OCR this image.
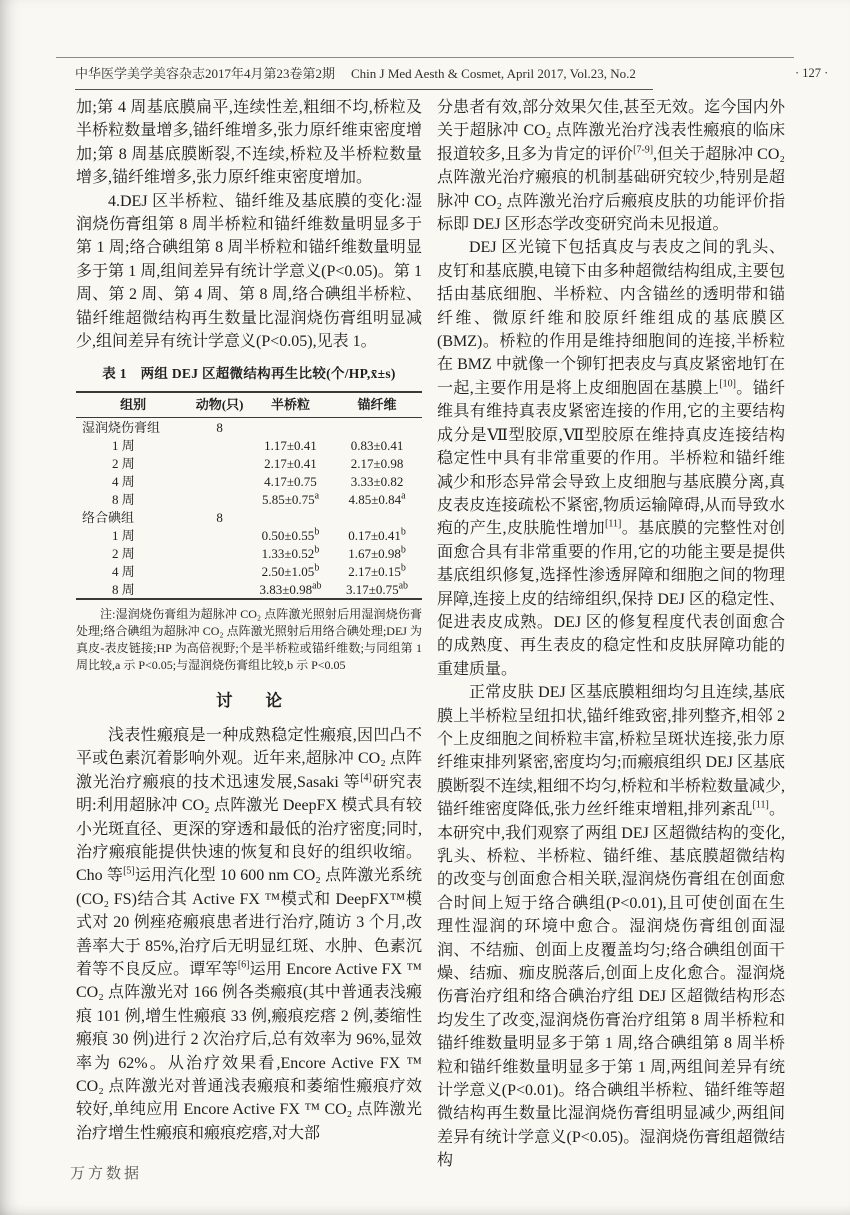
中华医学美学美容杂志2017年4月第23卷第2期 Chin J Med Aesth & Cosmet, April 2017, Vol.23, No.2	· 127 ·

加;第 4 周基底膜扁平,连续性差,粗细不均,桥粒及半桥粒数量增多,锚纤维增多,张力原纤维束密度增加;第 8 周基底膜断裂,不连续,桥粒及半桥粒数量增多,锚纤维增多,张力原纤维束密度增加。

4.DEJ 区半桥粒、锚纤维及基底膜的变化:湿润烧伤膏组第 8 周半桥粒和锚纤维数量明显多于第 1 周;络合碘组第 8 周半桥粒和锚纤维数量明显多于第 1 周,组间差异有统计学意义(P<0.05)。第 1 周、第 2 周、第 4 周、第 8 周,络合碘组半桥粒、锚纤维超微结构再生数量比湿润烧伤膏组明显减少,组间差异有统计学意义(P<0.05),见表 1。

表 1　两组 DEJ 区超微结构再生比较(个/HP,x̄±s)
组别	动物(只)	半桥粒	锚纤维
湿润烧伤膏组	8		
1 周		1.17±0.41	0.83±0.41
2 周		2.17±0.41	2.17±0.98
4 周		4.17±0.75	3.33±0.82
8 周		5.85±0.75$^a$	4.85±0.84$^a$
络合碘组	8		
1 周		0.50±0.55$^b$	0.17±0.41$^b$
2 周		1.33±0.52$^b$	1.67±0.98$^b$
4 周		2.50±1.05$^b$	2.17±0.15$^b$
8 周		3.83±0.98$^{ab}$	3.17±0.75$^{ab}$
注:湿润烧伤膏组为超脉冲 CO₂ 点阵激光照射后用湿润烧伤膏处理;络合碘组为超脉冲 CO₂ 点阵激光照射后用络合碘处理;DEJ 为真皮-表皮链接;HP 为高倍视野;个是半桥粒或锚纤维数;与同组第 1 周比较,a 示 P<0.05;与湿润烧伤膏组比较,b 示 P<0.05
讨　　论

浅表性瘢痕是一种成熟稳定性瘢痕,因凹凸不平或色素沉着影响外观。近年来,超脉冲 CO₂ 点阵激光治疗瘢痕的技术迅速发展,Sasaki 等[4]研究表明:利用超脉冲 CO₂ 点阵激光 DeepFX 模式具有较小光斑直径、更深的穿透和最低的治疗密度;同时,治疗瘢痕能提供快速的恢复和良好的组织收缩。Cho 等[5]运用汽化型 10 600 nm CO₂ 点阵激光系统(CO₂ FS)结合其 Active FX ™模式和 DeepFX™模式对 20 例痤疮瘢痕患者进行治疗,随访 3 个月,改善率大于 85%,治疗后无明显红斑、水肿、色素沉着等不良反应。谭军等[6]运用 Encore Active FX ™ CO₂ 点阵激光对 166 例各类瘢痕(其中普通表浅瘢痕 101 例,增生性瘢痕 33 例,瘢痕疙瘩 2 例,萎缩性瘢痕 30 例)进行 2 次治疗后,总有效率为 96%,显效率为 62%。从治疗效果看,Encore Active FX ™ CO₂ 点阵激光对普通浅表瘢痕和萎缩性瘢痕疗效较好,单纯应用 Encore Active FX ™ CO₂ 点阵激光治疗增生性瘢痕和瘢痕疙瘩,对大部

分患者有效,部分效果欠佳,甚至无效。迄今国内外关于超脉冲 CO₂ 点阵激光治疗浅表性瘢痕的临床报道较多,且多为肯定的评价[7-9],但关于超脉冲 CO₂ 点阵激光治疗瘢痕的机制基础研究较少,特别是超脉冲 CO₂ 点阵激光治疗后瘢痕皮肤的功能评价指标即 DEJ 区形态学改变研究尚未见报道。

DEJ 区光镜下包括真皮与表皮之间的乳头、皮钉和基底膜,电镜下由多种超微结构组成,主要包括由基底细胞、半桥粒、内含锚丝的透明带和锚纤维、微原纤维和胶原纤维组成的基底膜区(BMZ)。桥粒的作用是维持细胞间的连接,半桥粒在 BMZ 中就像一个铆钉把表皮与真皮紧密地钉在一起,主要作用是将上皮细胞固在基膜上[10]。锚纤维具有维持真表皮紧密连接的作用,它的主要结构成分是Ⅶ型胶原,Ⅶ型胶原在维持真皮连接结构稳定性中具有非常重要的作用。半桥粒和锚纤维减少和形态异常会导致上皮细胞与基底膜分离,真皮表皮连接疏松不紧密,物质运输障碍,从而导致水疱的产生,皮肤脆性增加[11]。基底膜的完整性对创面愈合具有非常重要的作用,它的功能主要是提供基底组织修复,选择性渗透屏障和细胞之间的物理屏障,连接上皮的结缔组织,保持 DEJ 区的稳定性、促进表皮成熟。DEJ 区的修复程度代表创面愈合的成熟度、再生表皮的稳定性和皮肤屏障功能的重建质量。

正常皮肤 DEJ 区基底膜粗细均匀且连续,基底膜上半桥粒呈纽扣状,锚纤维致密,排列整齐,相邻 2 个上皮细胞之间桥粒丰富,桥粒呈斑状连接,张力原纤维束排列紧密,密度均匀;而瘢痕组织 DEJ 区基底膜断裂不连续,粗细不均匀,桥粒和半桥粒数量减少,锚纤维密度降低,张力丝纤维束增粗,排列紊乱[11]。本研究中,我们观察了两组 DEJ 区超微结构的变化,乳头、桥粒、半桥粒、锚纤维、基底膜超微结构的改变与创面愈合相关联,湿润烧伤膏组在创面愈合时间上短于络合碘组(P<0.01),且可使创面在生理性湿润的环境中愈合。湿润烧伤膏组创面湿润、不结痂、创面上皮覆盖均匀;络合碘组创面干燥、结痂、痂皮脱落后,创面上皮化愈合。湿润烧伤膏治疗组和络合碘治疗组 DEJ 区超微结构形态均发生了改变,湿润烧伤膏治疗组第 8 周半桥粒和锚纤维数量明显多于第 1 周,络合碘组第 8 周半桥粒和锚纤维数量明显多于第 1 周,两组间差异有统计学意义(P<0.01)。络合碘组半桥粒、锚纤维等超微结构再生数量比湿润烧伤膏组明显减少,两组间差异有统计学意义(P<0.05)。湿润烧伤膏组超微结构

万方数据
